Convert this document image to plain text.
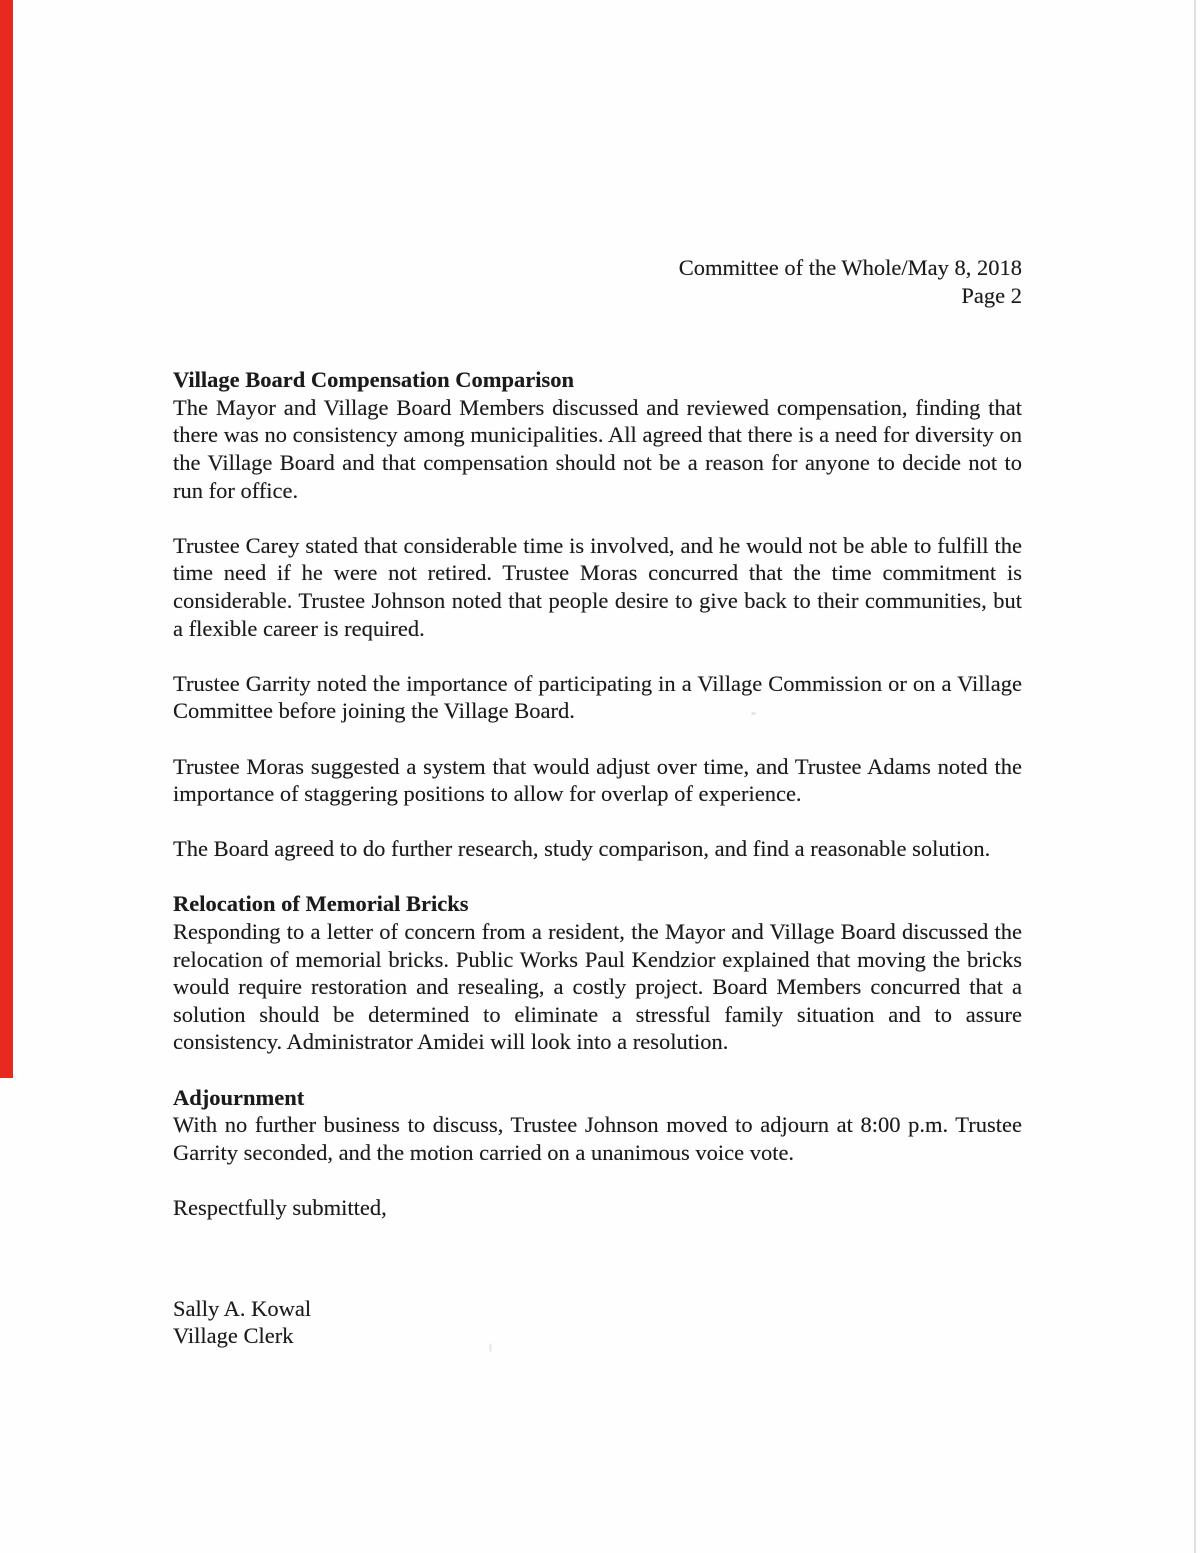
Committee of the Whole/May 8, 2018
Page 2
Village Board Compensation Comparison

The Mayor and Village Board Members discussed and reviewed compensation, finding that there was no consistency among municipalities. All agreed that there is a need for diversity on the Village Board and that compensation should not be a reason for anyone to decide not to run for office.

Trustee Carey stated that considerable time is involved, and he would not be able to fulfill the time need if he were not retired. Trustee Moras concurred that the time commitment is considerable. Trustee Johnson noted that people desire to give back to their communities, but a flexible career is required.

Trustee Garrity noted the importance of participating in a Village Commission or on a Village Committee before joining the Village Board.

Trustee Moras suggested a system that would adjust over time, and Trustee Adams noted the importance of staggering positions to allow for overlap of experience.

The Board agreed to do further research, study comparison, and find a reasonable solution.

Relocation of Memorial Bricks

Responding to a letter of concern from a resident, the Mayor and Village Board discussed the relocation of memorial bricks. Public Works Paul Kendzior explained that moving the bricks would require restoration and resealing, a costly project. Board Members concurred that a solution should be determined to eliminate a stressful family situation and to assure consistency. Administrator Amidei will look into a resolution.

Adjournment

With no further business to discuss, Trustee Johnson moved to adjourn at 8:00 p.m. Trustee Garrity seconded, and the motion carried on a unanimous voice vote.

Respectfully submitted,

Sally A. Kowal
Village Clerk
